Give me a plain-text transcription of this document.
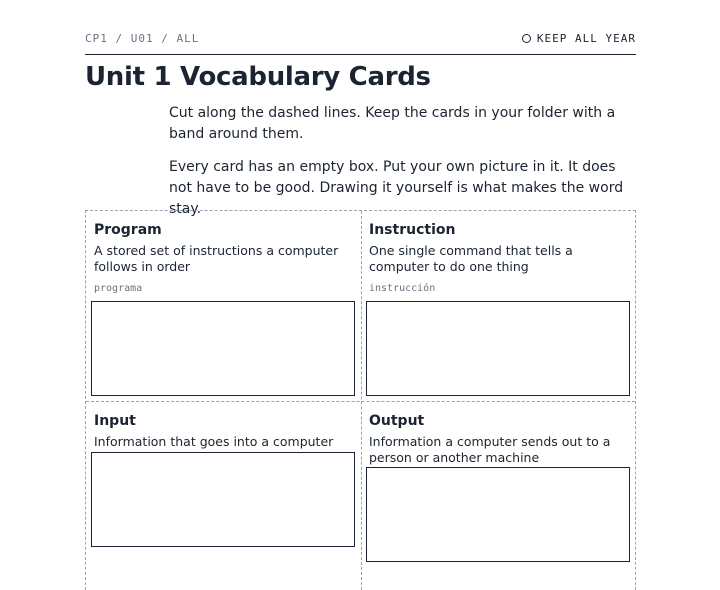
CP1 / U01 / ALL	KEEP ALL YEAR
Unit 1 Vocabulary Cards

Cut along the dashed lines. Keep the cards in your folder with a band around them.

Every card has an empty box. Put your own picture in it. It does not have to be good. Drawing it yourself is what makes the word stay.

Program
A stored set of instructions a computer follows in order
programa
Instruction
One single command that tells a computer to do one thing
instrucción
Input
Information that goes into a computer
Output
Information a computer sends out to a person or another machine
